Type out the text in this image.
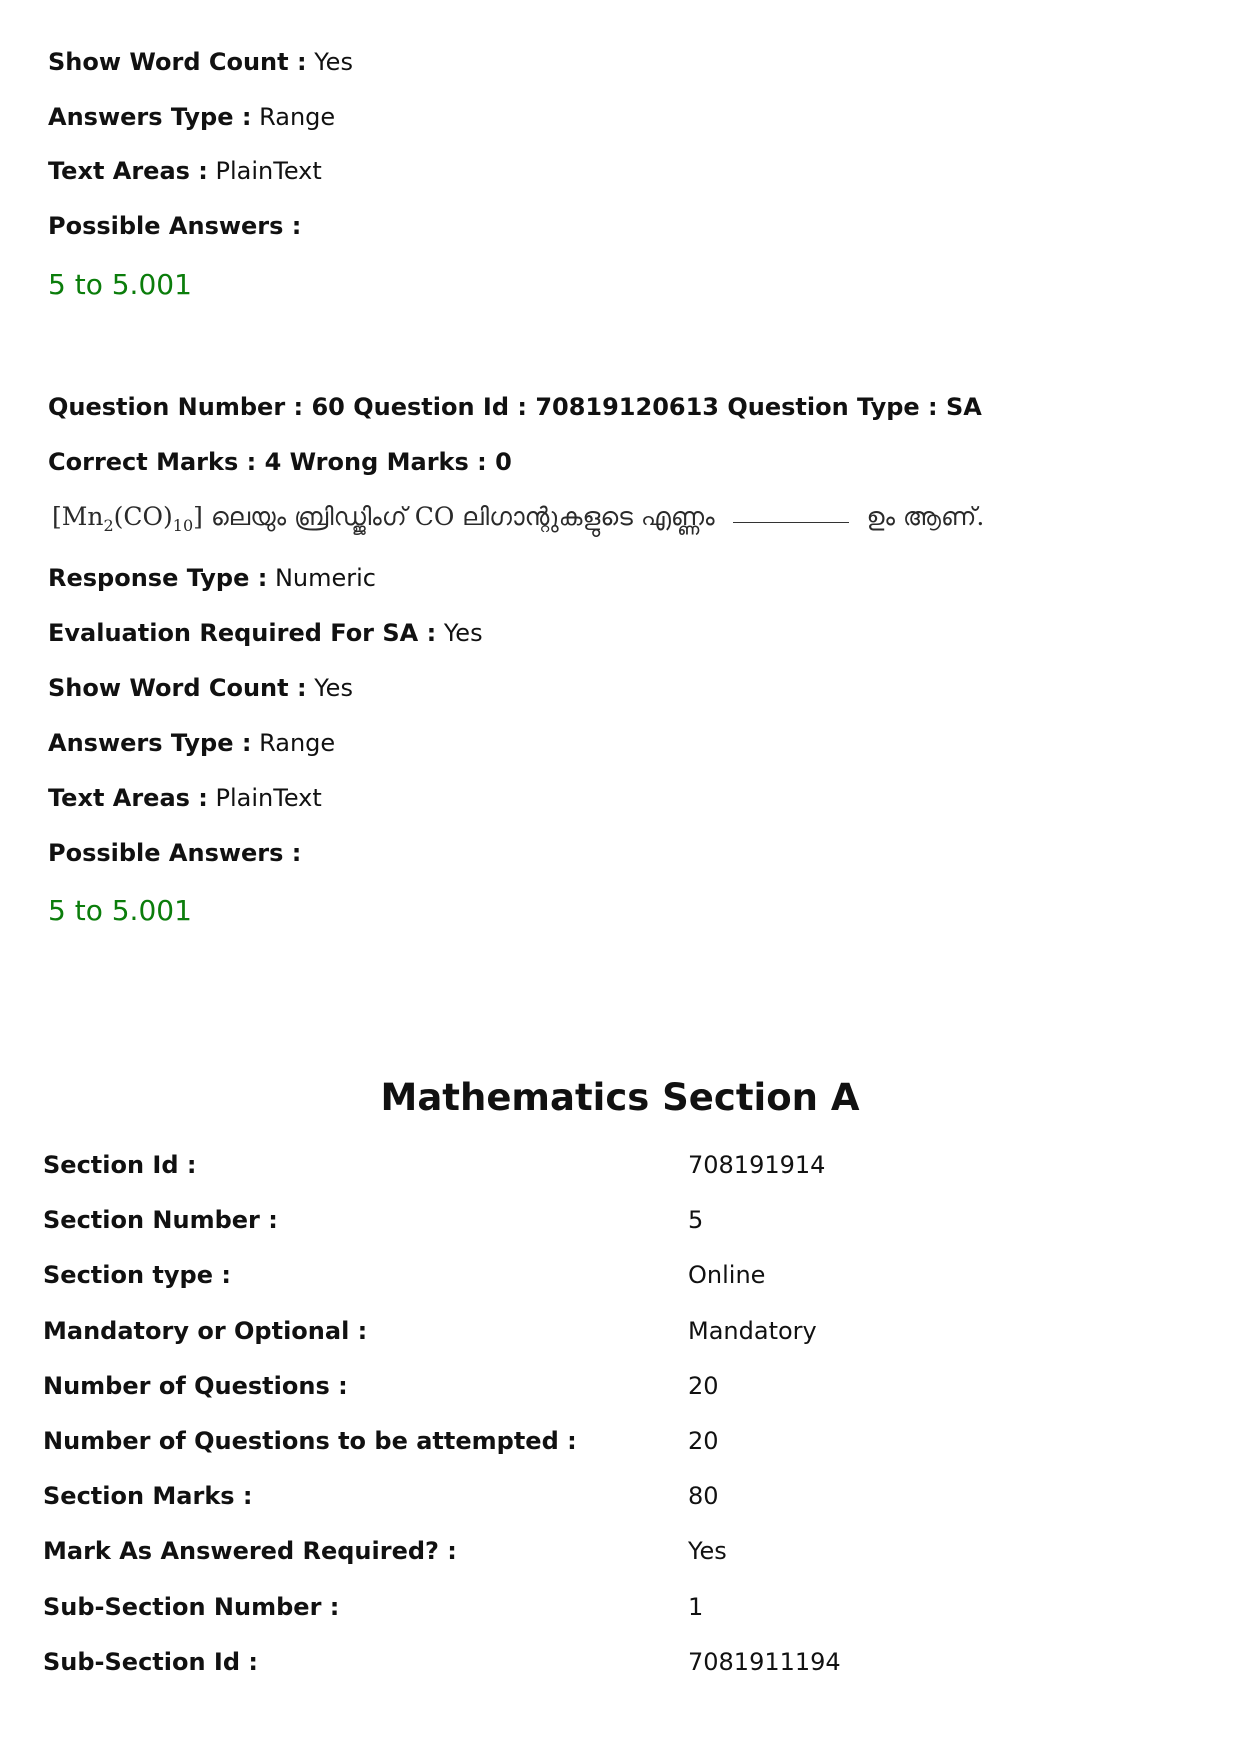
Show Word Count : Yes
Answers Type : Range
Text Areas : PlainText
Possible Answers :
5 to 5.001
Question Number : 60 Question Id : 70819120613 Question Type : SA
Correct Marks : 4 Wrong Marks : 0
$[Mn_2(CO)_{10}]$ ലെയും ബ്രിഡ്ജിംഗ് CO ലിഗാന്റുകളുടെ എണ്ണം	ഉം ആണ്.
Response Type : Numeric
Evaluation Required For SA : Yes
Show Word Count : Yes
Answers Type : Range
Text Areas : PlainText
Possible Answers :
5 to 5.001
Mathematics Section A
Section Id :	708191914
Section Number :	5
Section type :	Online
Mandatory or Optional :	Mandatory
Number of Questions :	20
Number of Questions to be attempted :	20
Section Marks :	80
Mark As Answered Required? :	Yes
Sub-Section Number :	1
Sub-Section Id :	7081911194
